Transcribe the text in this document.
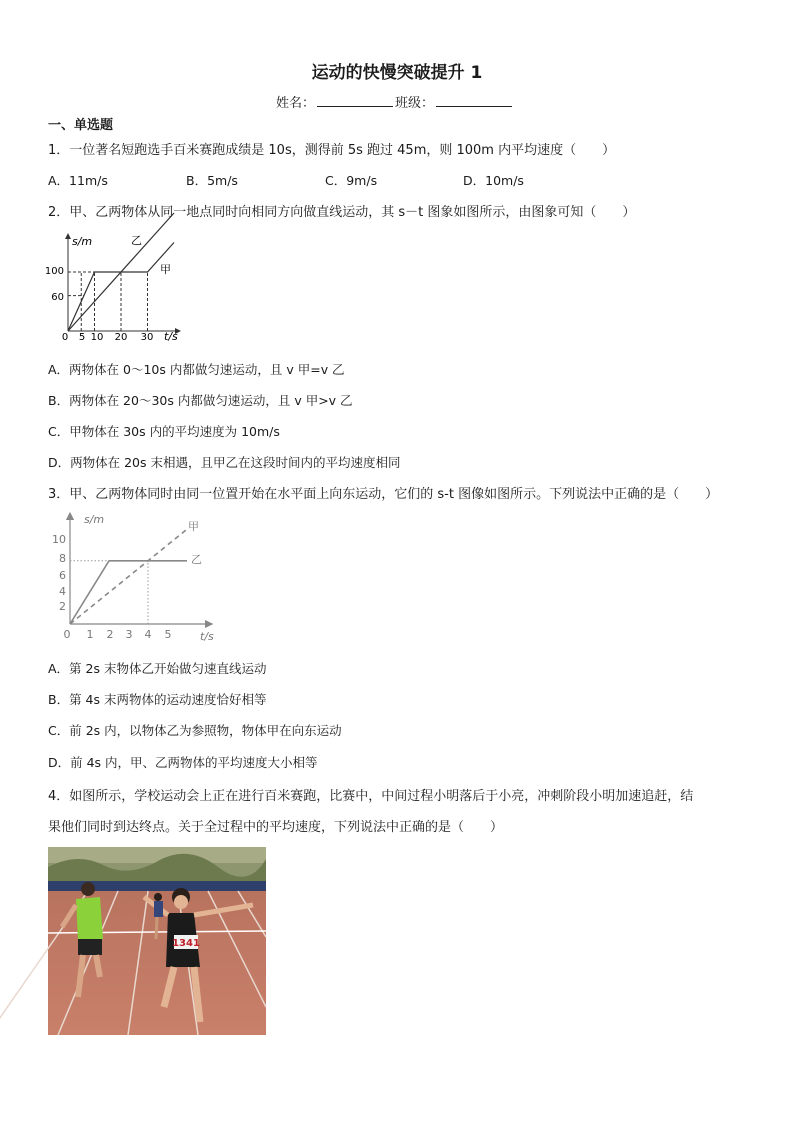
运动的快慢突破提升 1
姓名：	班级：
一、单选题
1．一位著名短跑选手百米赛跑成绩是 10s，测得前 5s 跑过 45m，则 100m 内平均速度（　　）
A．11m/s	B．5m/s	C．9m/s	D．10m/s
2．甲、乙两物体从同一地点同时向相同方向做直线运动，其 s－t 图象如图所示，由图象可知（　　）
s/m
t/s
乙
甲
0 5 10 20 30
60
100
A．两物体在 0～10s 内都做匀速运动，且 v 甲=v 乙
B．两物体在 20～30s 内都做匀速运动，且 v 甲>v 乙
C．甲物体在 30s 内的平均速度为 10m/s
D．两物体在 20s 末相遇，且甲乙在这段时间内的平均速度相同
3．甲、乙两物体同时由同一位置开始在水平面上向东运动，它们的 s-t 图像如图所示。下列说法中正确的是（　　）
s/m
t/s
甲
乙
0 1 2 3 4 5
2
4
6
8
10
A．第 2s 末物体乙开始做匀速直线运动
B．第 4s 末两物体的运动速度恰好相等
C．前 2s 内，以物体乙为参照物，物体甲在向东运动
D．前 4s 内，甲、乙两物体的平均速度大小相等
4．如图所示，学校运动会上正在进行百米赛跑，比赛中，中间过程小明落后于小亮，冲刺阶段小明加速追赶，结
果他们同时到达终点。关于全过程中的平均速度，下列说法中正确的是（　　）
1341
